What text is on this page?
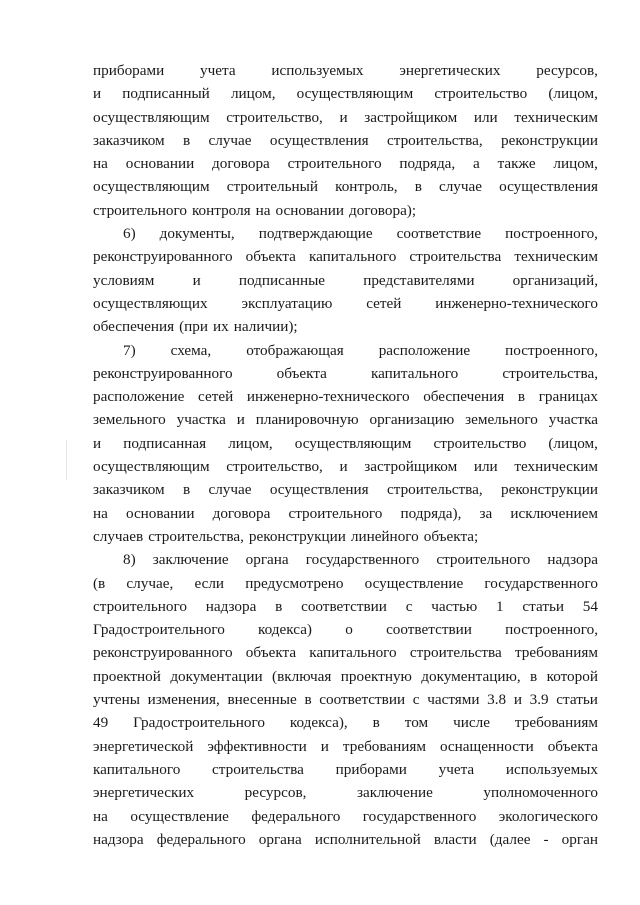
приборами учета используемых энергетических ресурсов,
и подписанный лицом, осуществляющим строительство (лицом,
осуществляющим строительство, и застройщиком или техническим
заказчиком в случае осуществления строительства, реконструкции
на основании договора строительного подряда, а также лицом,
осуществляющим строительный контроль, в случае осуществления
строительного контроля на основании договора);
6) документы, подтверждающие соответствие построенного,
реконструированного объекта капитального строительства техническим
условиям	и	подписанные	представителями	организаций,
осуществляющих эксплуатацию сетей инженерно-технического
обеспечения (при их наличии);
7) схема, отображающая расположение построенного,
реконструированного	объекта	капитального	строительства,
расположение сетей инженерно-технического обеспечения в границах
земельного участка и планировочную организацию земельного участка
и подписанная лицом, осуществляющим строительство (лицом,
осуществляющим строительство, и застройщиком или техническим
заказчиком в случае осуществления строительства, реконструкции
на основании договора строительного подряда), за исключением
случаев строительства, реконструкции линейного объекта;
8) заключение органа государственного строительного надзора
(в случае, если предусмотрено осуществление государственного
строительного надзора в соответствии с частью 1 статьи 54
Градостроительного кодекса) о соответствии построенного,
реконструированного объекта капитального строительства требованиям
проектной документации (включая проектную документацию, в которой
учтены изменения, внесенные в соответствии с частями 3.8 и 3.9 статьи
49 Градостроительного кодекса), в том числе требованиям
энергетической эффективности и требованиям оснащенности объекта
капитального строительства приборами учета используемых
энергетических	ресурсов,	заключение	уполномоченного
на осуществление федерального государственного экологического
надзора федерального органа исполнительной власти (далее - орган
